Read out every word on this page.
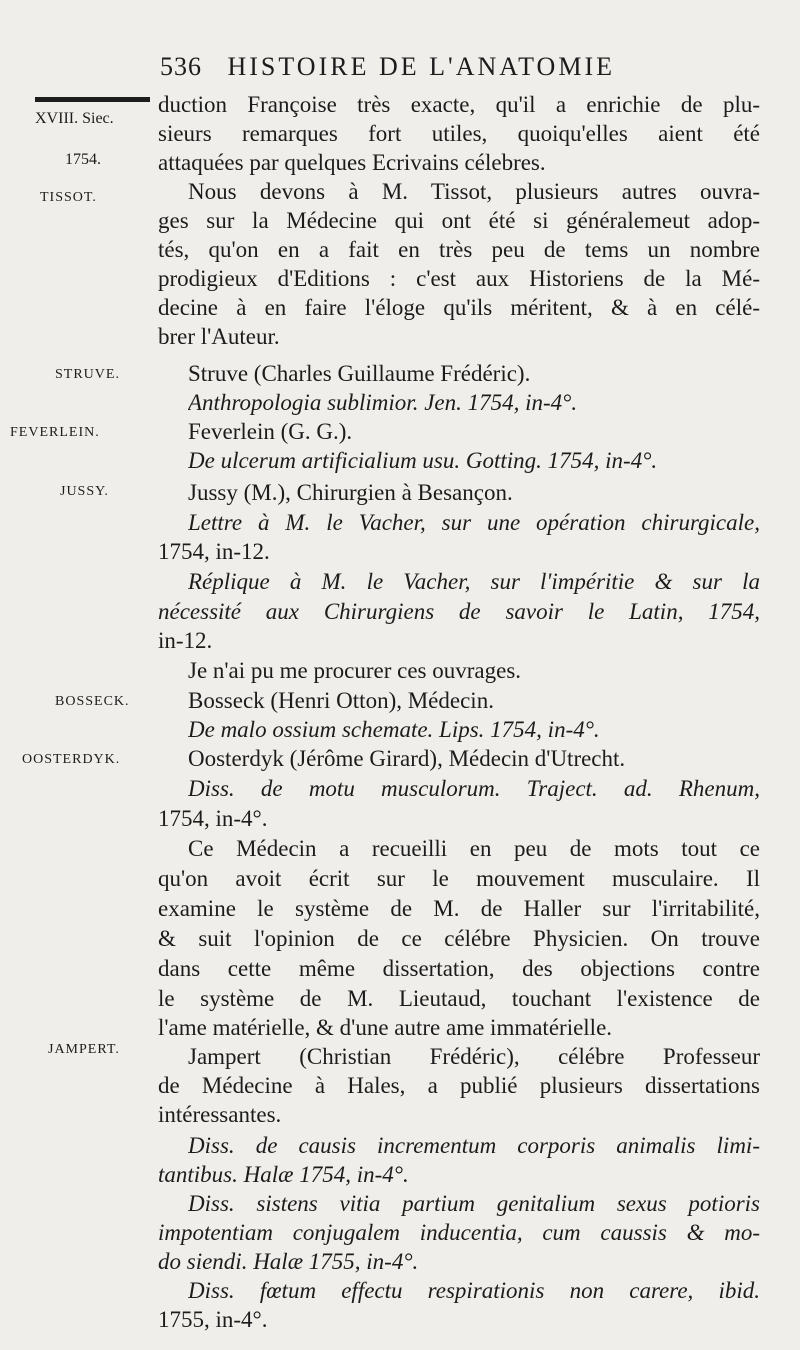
536 HISTOIRE DE L'ANATOMIE
XVIII. Siec.
1754.
TISSOT.
STRUVE.
FEVERLEIN.
JUSSY.
BOSSECK.
OOSTERDYK.
JAMPERT.
duction Françoise très exacte, qu'il a enrichie de plu-
sieurs remarques fort utiles, quoiqu'elles aient été
attaquées par quelques Ecrivains célebres.
Nous devons à M. Tissot, plusieurs autres ouvra-
ges sur la Médecine qui ont été si généralemeut adop-
tés, qu'on en a fait en très peu de tems un nombre
prodigieux d'Editions : c'est aux Historiens de la Mé-
decine à en faire l'éloge qu'ils méritent, & à en célé-
brer l'Auteur.
Struve (Charles Guillaume Frédéric).
Anthropologia sublimior. Jen. 1754, in-4°.
Feverlein (G. G.).
De ulcerum artificialium usu. Gotting. 1754, in-4°.
Jussy (M.), Chirurgien à Besançon.
Lettre à M. le Vacher, sur une opération chirurgicale,
1754, in-12.
Réplique à M. le Vacher, sur l'impéritie & sur la
nécessité aux Chirurgiens de savoir le Latin, 1754,
in-12.
Je n'ai pu me procurer ces ouvrages.
Bosseck (Henri Otton), Médecin.
De malo ossium schemate. Lips. 1754, in-4°.
Oosterdyk (Jérôme Girard), Médecin d'Utrecht.
Diss. de motu musculorum. Traject. ad. Rhenum,
1754, in-4°.
Ce Médecin a recueilli en peu de mots tout ce
qu'on avoit écrit sur le mouvement musculaire. Il
examine le système de M. de Haller sur l'irritabilité,
& suit l'opinion de ce célébre Physicien. On trouve
dans cette même dissertation, des objections contre
le système de M. Lieutaud, touchant l'existence de
l'ame matérielle, & d'une autre ame immatérielle.
Jampert (Christian Frédéric), célébre Professeur
de Médecine à Hales, a publié plusieurs dissertations
intéressantes.
Diss. de causis incrementum corporis animalis limi-
tantibus. Halæ 1754, in-4°.
Diss. sistens vitia partium genitalium sexus potioris
impotentiam conjugalem inducentia, cum caussis & mo-
do siendi. Halæ 1755, in-4°.
Diss. fœtum effectu respirationis non carere, ibid.
1755, in-4°.
